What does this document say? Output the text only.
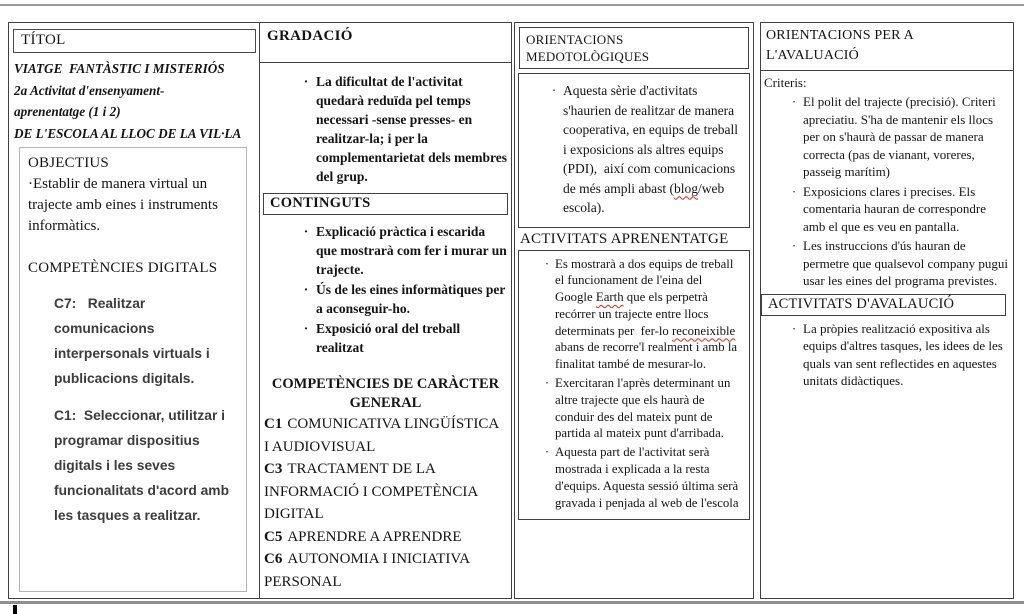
TÍTOL
VIATGE  FANTÀSTIC I MISTERIÓS
2a Activitat d'ensenyament-
aprenentatge (1 i 2)
DE L'ESCOLA AL LLOC DE LA VIL·LA
OBJECTIUS
·Establir de manera virtual un trajecte amb eines i instruments informàtics.
COMPETÈNCIES DIGITALS
C7:   Realitzar comunicacions interpersonals virtuals i publicacions digitals.
C1:  Seleccionar, utilitzar i programar dispositius digitals i les seves funcionalitats d'acord amb les tasques a realitzar.
GRADACIÓ
· La dificultat de l'activitat quedarà reduïda pel temps necessari -sense presses- en realitzar-la; i per la complementarietat dels membres del grup.
CONTINGUTS
· Explicació pràctica i escarida que mostrarà com fer i murar un trajecte.
· Ús de les eines informàtiques per a aconseguir-ho.
· Exposició oral del treball realitzat
COMPETÈNCIES DE CARÀCTER GENERAL
C1 COMUNICATIVA LINGÜÍSTICA I AUDIOVISUAL
C3 TRACTAMENT DE LA INFORMACIÓ I COMPETÈNCIA DIGITAL
C5 APRENDRE A APRENDRE
C6 AUTONOMIA I INICIATIVA PERSONAL
ORIENTACIONS MEDOTOLÒGIQUES
· Aquesta sèrie d'activitats s'haurien de realitzar de manera cooperativa, en equips de treball i exposicions als altres equips (PDI),  així com comunicacions de més ampli abast (blog/web escola).
ACTIVITATS APRENENTATGE
· Es mostrarà a dos equips de treball el funcionament de l'eina del Google Earth que els perpetrà recórrer un trajecte entre llocs determinats per  fer-lo reconeixible abans de recorre'l realment i amb la finalitat també de mesurar-lo.
· Exercitaran l'après determinant un altre trajecte que els haurà de conduir des del mateix punt de partida al mateix punt d'arribada.
· Aquesta part de l'activitat serà mostrada i explicada a la resta d'equips. Aquesta sessió última serà gravada i penjada al web de l'escola
ORIENTACIONS PER A L'AVALUACIÓ
Criteris:
· El polit del trajecte (precisió). Criteri apreciatiu. S'ha de mantenir els llocs per on s'haurà de passar de manera correcta (pas de vianant, voreres, passeig marítim)
· Exposicions clares i precises. Els comentaria hauran de correspondre amb el que es veu en pantalla.
· Les instruccions d'ús hauran de permetre que qualsevol company pugui usar les eines del programa previstes.
ACTIVITATS D'AVALAUCIÓ
· La pròpies realització expositiva als equips d'altres tasques, les idees de les quals van sent reflectides en aquestes unitats didàctiques.
